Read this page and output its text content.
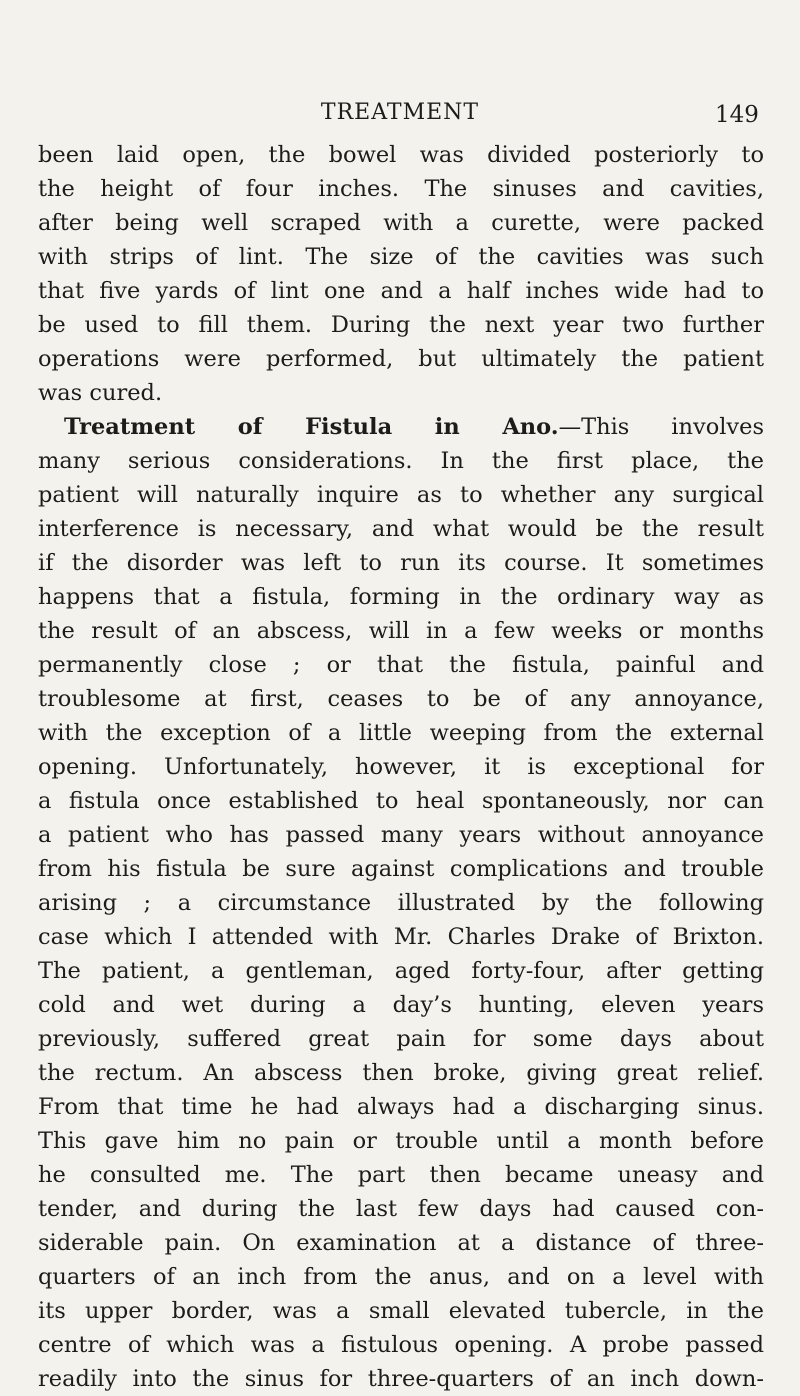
TREATMENT	149
been laid open, the bowel was divided posteriorly to
the height of four inches. The sinuses and cavities,
after being well scraped with a curette, were packed
with strips of lint. The size of the cavities was such
that five yards of lint one and a half inches wide had to
be used to fill them. During the next year two further
operations were performed, but ultimately the patient
was cured.
Treatment of Fistula in Ano.—This involves
many serious considerations. In the first place, the
patient will naturally inquire as to whether any surgical
interference is necessary, and what would be the result
if the disorder was left to run its course. It sometimes
happens that a fistula, forming in the ordinary way as
the result of an abscess, will in a few weeks or months
permanently close ; or that the fistula, painful and
troublesome at first, ceases to be of any annoyance,
with the exception of a little weeping from the external
opening. Unfortunately, however, it is exceptional for
a fistula once established to heal spontaneously, nor can
a patient who has passed many years without annoyance
from his fistula be sure against complications and trouble
arising ; a circumstance illustrated by the following
case which I attended with Mr. Charles Drake of Brixton.
The patient, a gentleman, aged forty-four, after getting
cold and wet during a day’s hunting, eleven years
previously, suffered great pain for some days about
the rectum. An abscess then broke, giving great relief.
From that time he had always had a discharging sinus.
This gave him no pain or trouble until a month before
he consulted me. The part then became uneasy and
tender, and during the last few days had caused con-
siderable pain. On examination at a distance of three-
quarters of an inch from the anus, and on a level with
its upper border, was a small elevated tubercle, in the
centre of which was a fistulous opening. A probe passed
readily into the sinus for three-quarters of an inch down-
